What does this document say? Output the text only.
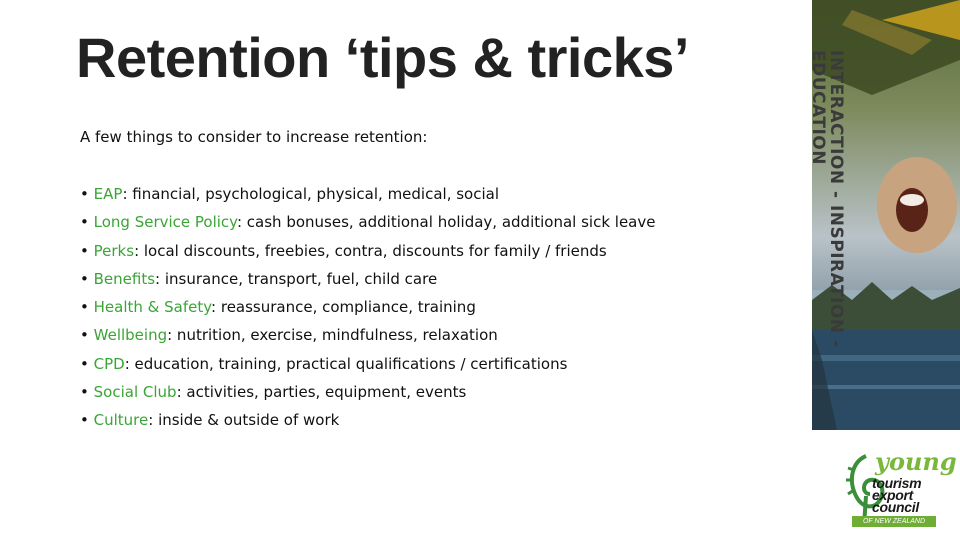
Retention ‘tips & tricks’
A few things to consider to increase retention:
• EAP: financial, psychological, physical, medical, social
• Long Service Policy: cash bonuses, additional holiday, additional sick leave
• Perks: local discounts, freebies, contra, discounts for family / friends
• Benefits: insurance, transport, fuel, child care
• Health & Safety: reassurance, compliance, training
• Wellbeing: nutrition, exercise, mindfulness, relaxation
• CPD: education, training, practical qualifications / certifications
• Social Club: activities, parties, equipment, events
• Culture: inside & outside of work
INTERACTION - INSPIRATION - EDUCATION
young
tourism
export
council
OF NEW ZEALAND
